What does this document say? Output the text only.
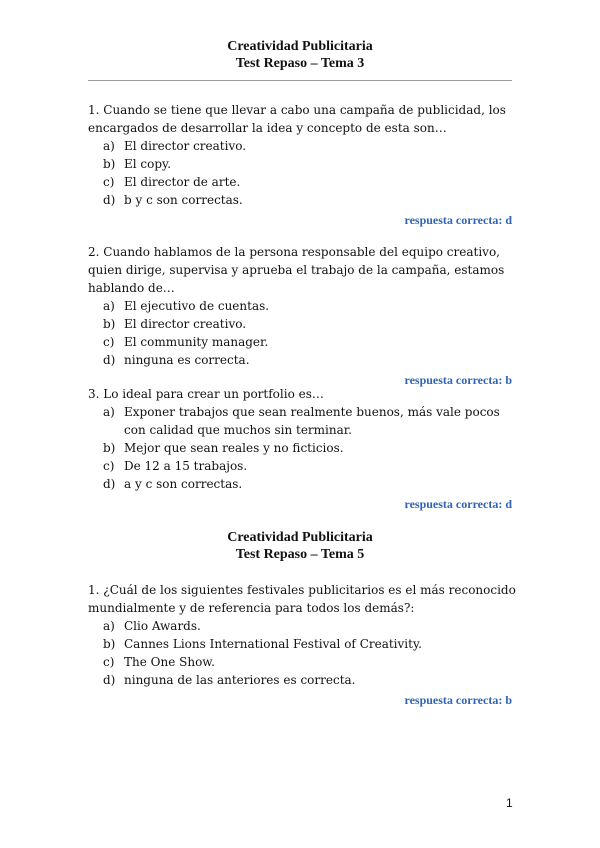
Creatividad Publicitaria
Test Repaso – Tema 3

1. Cuando se tiene que llevar a cabo una campaña de publicidad, los encargados de desarrollar la idea y concepto de esta son…

a) El director creativo.
b) El copy.
c) El director de arte.
d) b y c son correctas.
respuesta correcta: d

2. Cuando hablamos de la persona responsable del equipo creativo, quien dirige, supervisa y aprueba el trabajo de la campaña, estamos hablando de…

a) El ejecutivo de cuentas.
b) El director creativo.
c) El community manager.
d) ninguna es correcta.
respuesta correcta: b

3. Lo ideal para crear un portfolio es…

a) Exponer trabajos que sean realmente buenos, más vale pocos con calidad que muchos sin terminar.
b) Mejor que sean reales y no ficticios.
c) De 12 a 15 trabajos.
d) a y c son correctas.
respuesta correcta: d
Creatividad Publicitaria
Test Repaso – Tema 5

1. ¿Cuál de los siguientes festivales publicitarios es el más reconocido mundialmente y de referencia para todos los demás?:

a) Clio Awards.
b) Cannes Lions International Festival of Creativity.
c) The One Show.
d) ninguna de las anteriores es correcta.
respuesta correcta: b
1
